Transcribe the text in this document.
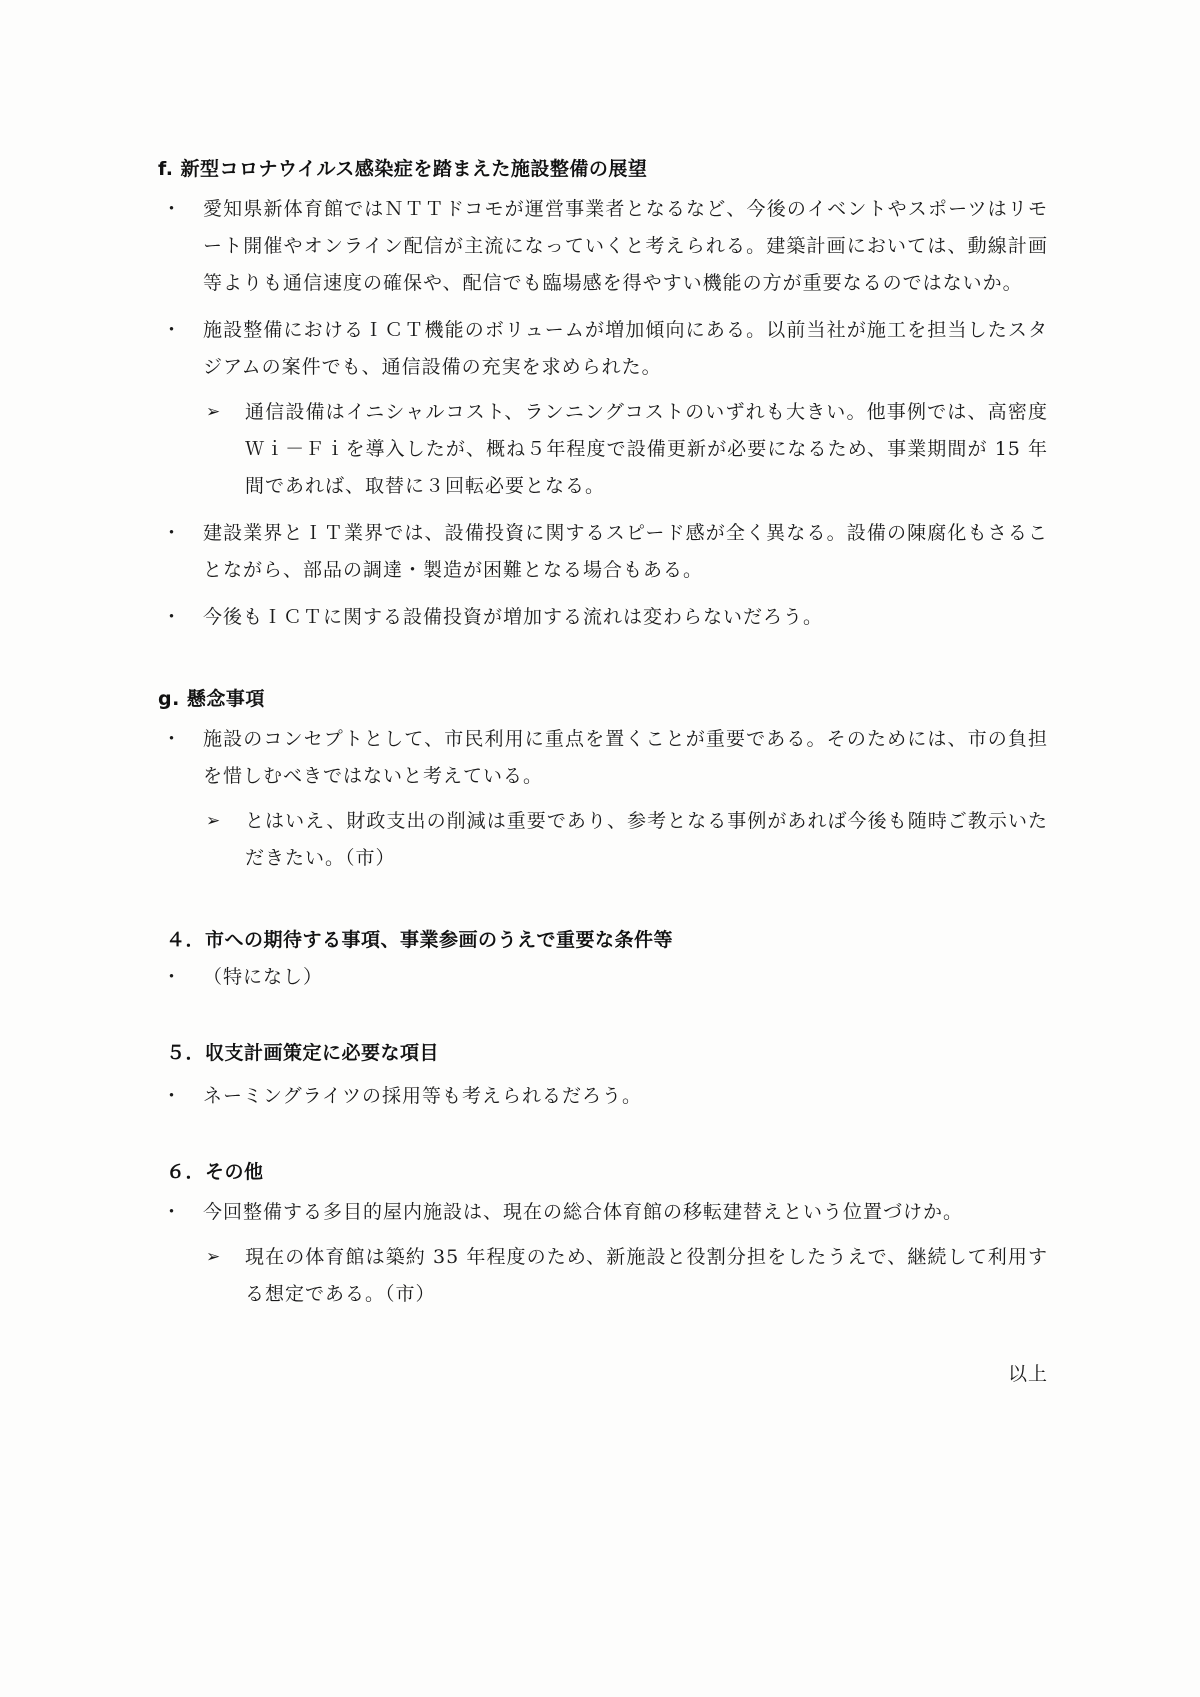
f. 新型コロナウイルス感染症を踏まえた施設整備の展望
・ 愛知県新体育館ではＮＴＴドコモが運営事業者となるなど、今後のイベントやスポーツはリモート開催やオンライン配信が主流になっていくと考えられる。建築計画においては、動線計画等よりも通信速度の確保や、配信でも臨場感を得やすい機能の方が重要なるのではないか。
・ 施設整備におけるＩＣＴ機能のボリュームが増加傾向にある。以前当社が施工を担当したスタジアムの案件でも、通信設備の充実を求められた。
➢ 通信設備はイニシャルコスト、ランニングコストのいずれも大きい。他事例では、高密度Ｗｉ－Ｆｉを導入したが、概ね５年程度で設備更新が必要になるため、事業期間が 15 年間であれば、取替に３回転必要となる。
・ 建設業界とＩＴ業界では、設備投資に関するスピード感が全く異なる。設備の陳腐化もさることながら、部品の調達・製造が困難となる場合もある。
・ 今後もＩＣＴに関する設備投資が増加する流れは変わらないだろう。
g. 懸念事項
・ 施設のコンセプトとして、市民利用に重点を置くことが重要である。そのためには、市の負担を惜しむべきではないと考えている。
➢ とはいえ、財政支出の削減は重要であり、参考となる事例があれば今後も随時ご教示いただきたい。（市）
４．市への期待する事項、事業参画のうえで重要な条件等
・ （特になし）
５．収支計画策定に必要な項目
・ ネーミングライツの採用等も考えられるだろう。
６．その他
・ 今回整備する多目的屋内施設は、現在の総合体育館の移転建替えという位置づけか。
➢ 現在の体育館は築約 35 年程度のため、新施設と役割分担をしたうえで、継続して利用する想定である。（市）
以上
